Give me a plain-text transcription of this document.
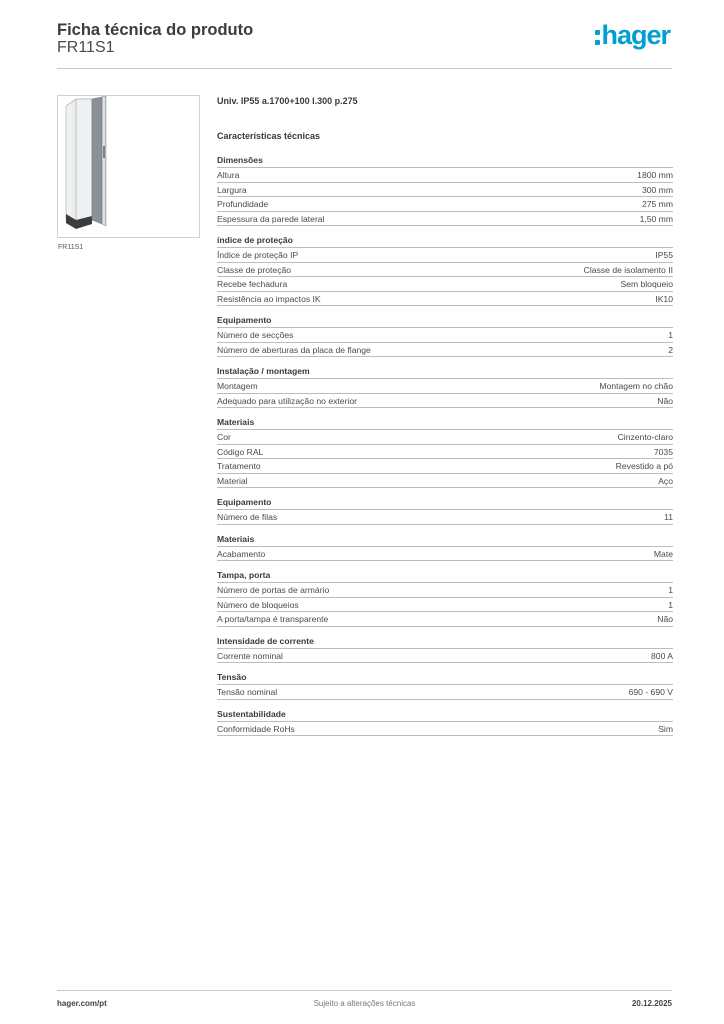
Ficha técnica do produto
FR11S1	hager
FR11S1
Univ. IP55 a.1700+100 l.300 p.275
Características técnicas
Dimensões
Altura	1800 mm
Largura	300 mm
Profundidade	275 mm
Espessura da parede lateral	1,50 mm
índice de proteção
Índice de proteção IP	IP55
Classe de proteção	Classe de isolamento II
Recebe fechadura	Sem bloqueio
Resistência ao impactos IK	IK10
Equipamento
Número de secções	1
Número de aberturas da placa de flange	2
Instalação / montagem
Montagem	Montagem no chão
Adequado para utilização no exterior	Não
Materiais
Cor	Cinzento-claro
Código RAL	7035
Tratamento	Revestido a pó
Material	Aço
Equipamento
Número de filas	11
Materiais
Acabamento	Mate
Tampa, porta
Número de portas de armário	1
Número de bloqueios	1
A porta/tampa é transparente	Não
Intensidade de corrente
Corrente nominal	800 A
Tensão
Tensão nominal	690 - 690 V
Sustentabilidade
Conformidade RoHs	Sim
hager.com/pt	Sujeito a alterações técnicas	20.12.2025
